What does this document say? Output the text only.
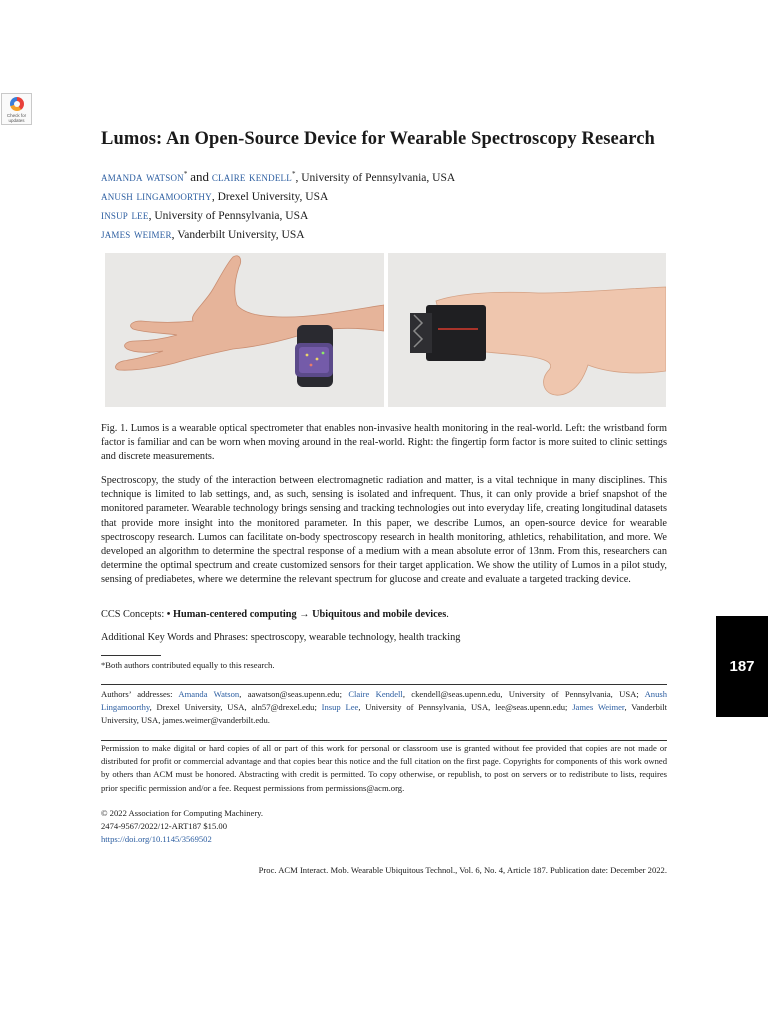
Check for updates
Lumos: An Open-Source Device for Wearable Spectroscopy Research
amanda watson* and claire kendell*, University of Pennsylvania, USA
anush lingamoorthy, Drexel University, USA
insup lee, University of Pennsylvania, USA
james weimer, Vanderbilt University, USA
Fig. 1. Lumos is a wearable optical spectrometer that enables non-invasive health monitoring in the real-world. Left: the wristband form factor is familiar and can be worn when moving around in the real-world. Right: the fingertip form factor is more suited to clinic settings and discrete measurements.

Spectroscopy, the study of the interaction between electromagnetic radiation and matter, is a vital technique in many disciplines. This technique is limited to lab settings, and, as such, sensing is isolated and infrequent. Thus, it can only provide a brief snapshot of the monitored parameter. Wearable technology brings sensing and tracking technologies out into everyday life, creating longitudinal datasets that provide more insight into the monitored parameter. In this paper, we describe Lumos, an open-source device for wearable spectroscopy research. Lumos can facilitate on-body spectroscopy research in health monitoring, athletics, rehabilitation, and more. We developed an algorithm to determine the spectral response of a medium with a mean absolute error of 13nm. From this, researchers can determine the optimal spectrum and create customized sensors for their target application. We show the utility of Lumos in a pilot study, sensing of prediabetes, where we determine the relevant spectrum for glucose and create and evaluate a targeted tracking device.

CCS Concepts: • Human-centered computing → Ubiquitous and mobile devices.
Additional Key Words and Phrases: spectroscopy, wearable technology, health tracking
*Both authors contributed equally to this research.
Authors’ addresses: Amanda Watson, aawatson@seas.upenn.edu; Claire Kendell, ckendell@seas.upenn.edu, University of Pennsylvania, USA; Anush Lingamoorthy, Drexel University, USA, aln57@drexel.edu; Insup Lee, University of Pennsylvania, USA, lee@seas.upenn.edu; James Weimer, Vanderbilt University, USA, james.weimer@vanderbilt.edu.
Permission to make digital or hard copies of all or part of this work for personal or classroom use is granted without fee provided that copies are not made or distributed for profit or commercial advantage and that copies bear this notice and the full citation on the first page. Copyrights for components of this work owned by others than ACM must be honored. Abstracting with credit is permitted. To copy otherwise, or republish, to post on servers or to redistribute to lists, requires prior specific permission and/or a fee. Request permissions from permissions@acm.org.
© 2022 Association for Computing Machinery.
2474-9567/2022/12-ART187 $15.00
https://doi.org/10.1145/3569502
Proc. ACM Interact. Mob. Wearable Ubiquitous Technol., Vol. 6, No. 4, Article 187. Publication date: December 2022.
187
